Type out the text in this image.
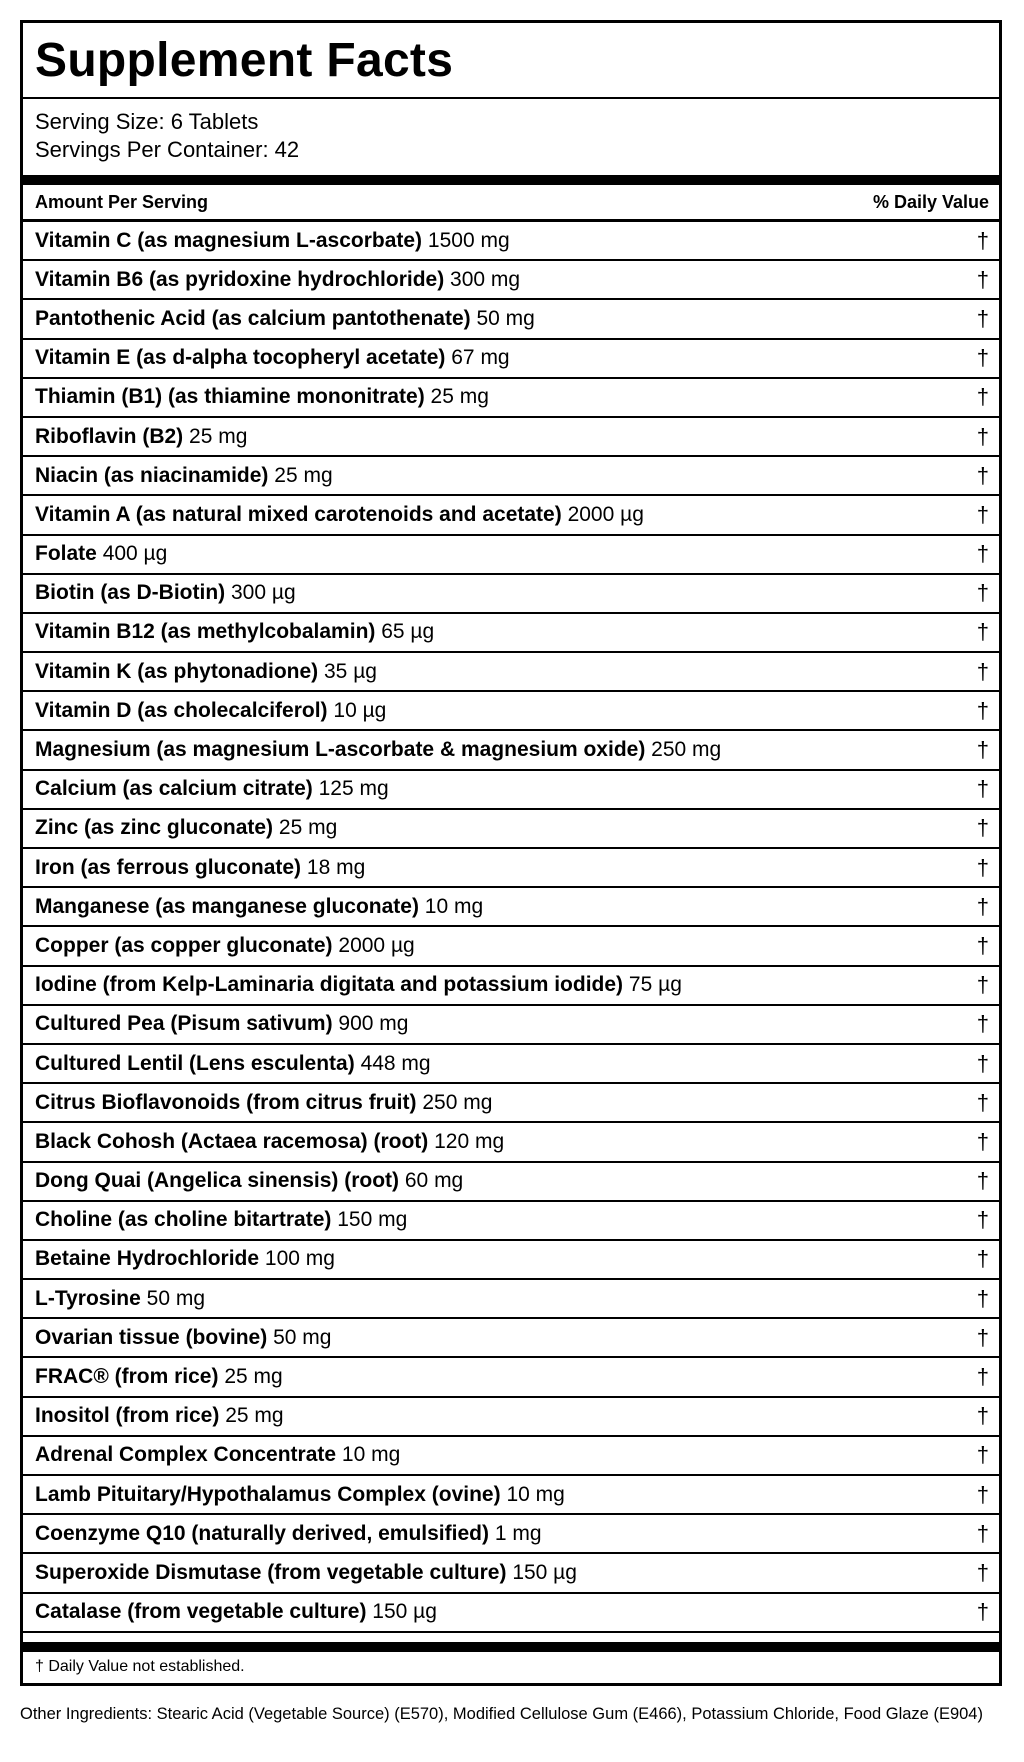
Supplement Facts
Serving Size: 6 Tablets
Servings Per Container: 42
Amount Per Serving	% Daily Value
Vitamin C (as magnesium L-ascorbate) 1500 mg	†
Vitamin B6 (as pyridoxine hydrochloride) 300 mg	†
Pantothenic Acid (as calcium pantothenate) 50 mg	†
Vitamin E (as d-alpha tocopheryl acetate) 67 mg	†
Thiamin (B1) (as thiamine mononitrate) 25 mg	†
Riboflavin (B2) 25 mg	†
Niacin (as niacinamide) 25 mg	†
Vitamin A (as natural mixed carotenoids and acetate) 2000 µg	†
Folate 400 µg	†
Biotin (as D-Biotin) 300 µg	†
Vitamin B12 (as methylcobalamin) 65 µg	†
Vitamin K (as phytonadione) 35 µg	†
Vitamin D (as cholecalciferol) 10 µg	†
Magnesium (as magnesium L-ascorbate & magnesium oxide) 250 mg	†
Calcium (as calcium citrate) 125 mg	†
Zinc (as zinc gluconate) 25 mg	†
Iron (as ferrous gluconate) 18 mg	†
Manganese (as manganese gluconate) 10 mg	†
Copper (as copper gluconate) 2000 µg	†
Iodine (from Kelp-Laminaria digitata and potassium iodide) 75 µg	†
Cultured Pea (Pisum sativum) 900 mg	†
Cultured Lentil (Lens esculenta) 448 mg	†
Citrus Bioflavonoids (from citrus fruit) 250 mg	†
Black Cohosh (Actaea racemosa) (root) 120 mg	†
Dong Quai (Angelica sinensis) (root) 60 mg	†
Choline (as choline bitartrate) 150 mg	†
Betaine Hydrochloride 100 mg	†
L-Tyrosine 50 mg	†
Ovarian tissue (bovine) 50 mg	†
FRAC® (from rice) 25 mg	†
Inositol (from rice) 25 mg	†
Adrenal Complex Concentrate 10 mg	†
Lamb Pituitary/Hypothalamus Complex (ovine) 10 mg	†
Coenzyme Q10 (naturally derived, emulsified) 1 mg	†
Superoxide Dismutase (from vegetable culture) 150 µg	†
Catalase (from vegetable culture) 150 µg	†
† Daily Value not established.
Other Ingredients: Stearic Acid (Vegetable Source) (E570), Modified Cellulose Gum (E466), Potassium Chloride, Food Glaze (E904)
